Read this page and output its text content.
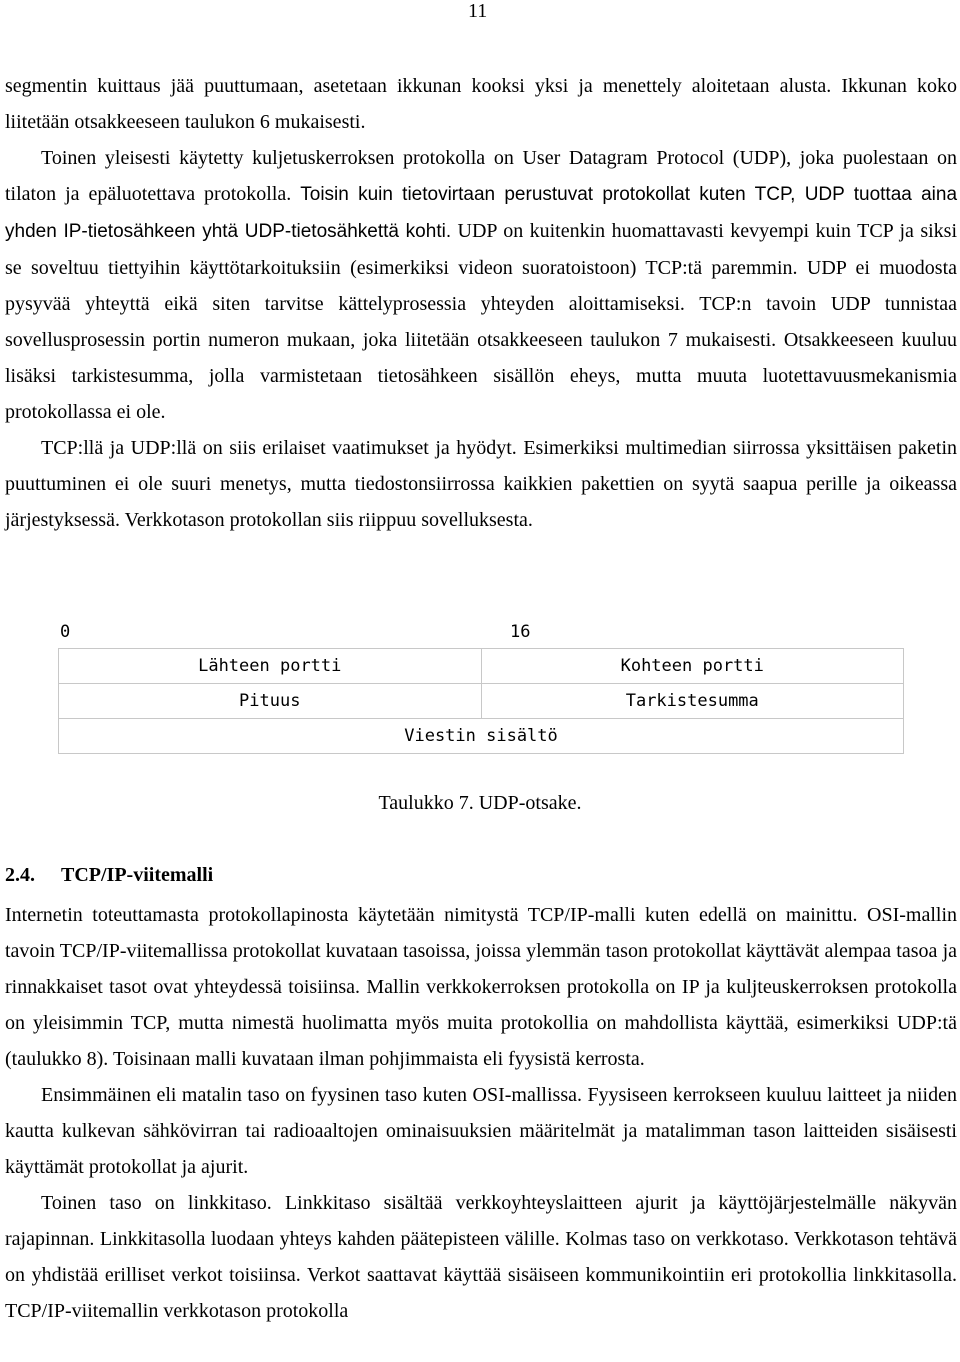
11

segmentin kuittaus jää puuttumaan, asetetaan ikkunan kooksi yksi ja menettely aloitetaan alusta. Ikkunan koko liitetään otsakkeeseen taulukon 6 mukaisesti.

Toinen yleisesti käytetty kuljetuskerroksen protokolla on User Datagram Protocol (UDP), joka puolestaan on tilaton ja epäluotettava protokolla. Toisin kuin tietovirtaan perustuvat protokollat kuten TCP, UDP tuottaa aina yhden IP-tietosähkeen yhtä UDP-tietosähkettä kohti. UDP on kuitenkin huomattavasti kevyempi kuin TCP ja siksi se soveltuu tiettyihin käyttötarkoituksiin (esimerkiksi videon suoratoistoon) TCP:tä paremmin. UDP ei muodosta pysyvää yhteyttä eikä siten tarvitse kättelyprosessia yhteyden aloittamiseksi. TCP:n tavoin UDP tunnistaa sovellusprosessin portin numeron mukaan, joka liitetään otsakkeeseen taulukon 7 mukaisesti. Otsakkeeseen kuuluu lisäksi tarkistesumma, jolla varmistetaan tietosähkeen sisällön eheys, mutta muuta luotettavuusmekanismia protokollassa ei ole.

TCP:llä ja UDP:llä on siis erilaiset vaatimukset ja hyödyt. Esimerkiksi multimedian siirrossa yksittäisen paketin puuttuminen ei ole suuri menetys, mutta tiedostonsiirrossa kaikkien pakettien on syytä saapua perille ja oikeassa järjestyksessä. Verkkotason protokollan siis riippuu sovelluksesta.

0	16
Lähteen portti	Kohteen portti
Pituus	Tarkistesumma
Viestin sisältö	
Taulukko 7. UDP-otsake.
2.4. TCP/IP-viitemalli

Internetin toteuttamasta protokollapinosta käytetään nimitystä TCP/IP-malli kuten edellä on mainittu. OSI-mallin tavoin TCP/IP-viitemallissa protokollat kuvataan tasoissa, joissa ylemmän tason protokollat käyttävät alempaa tasoa ja rinnakkaiset tasot ovat yhteydessä toisiinsa. Mallin verkkokerroksen protokolla on IP ja kuljteuskerroksen protokolla on yleisimmin TCP, mutta nimestä huolimatta myös muita protokollia on mahdollista käyttää, esimerkiksi UDP:tä (taulukko 8). Toisinaan malli kuvataan ilman pohjimmaista eli fyysistä kerrosta.

Ensimmäinen eli matalin taso on fyysinen taso kuten OSI-mallissa. Fyysiseen kerrokseen kuuluu laitteet ja niiden kautta kulkevan sähkövirran tai radioaaltojen ominaisuuksien määritelmät ja matalimman tason laitteiden sisäisesti käyttämät protokollat ja ajurit.

Toinen taso on linkkitaso. Linkkitaso sisältää verkkoyhteyslaitteen ajurit ja käyttöjärjestelmälle näkyvän rajapinnan. Linkkitasolla luodaan yhteys kahden päätepisteen välille. Kolmas taso on verkkotaso. Verkkotason tehtävä on yhdistää erilliset verkot toisiinsa. Verkot saattavat käyttää sisäiseen kommunikointiin eri protokollia linkkitasolla. TCP/IP-viitemallin verkkotason protokolla
